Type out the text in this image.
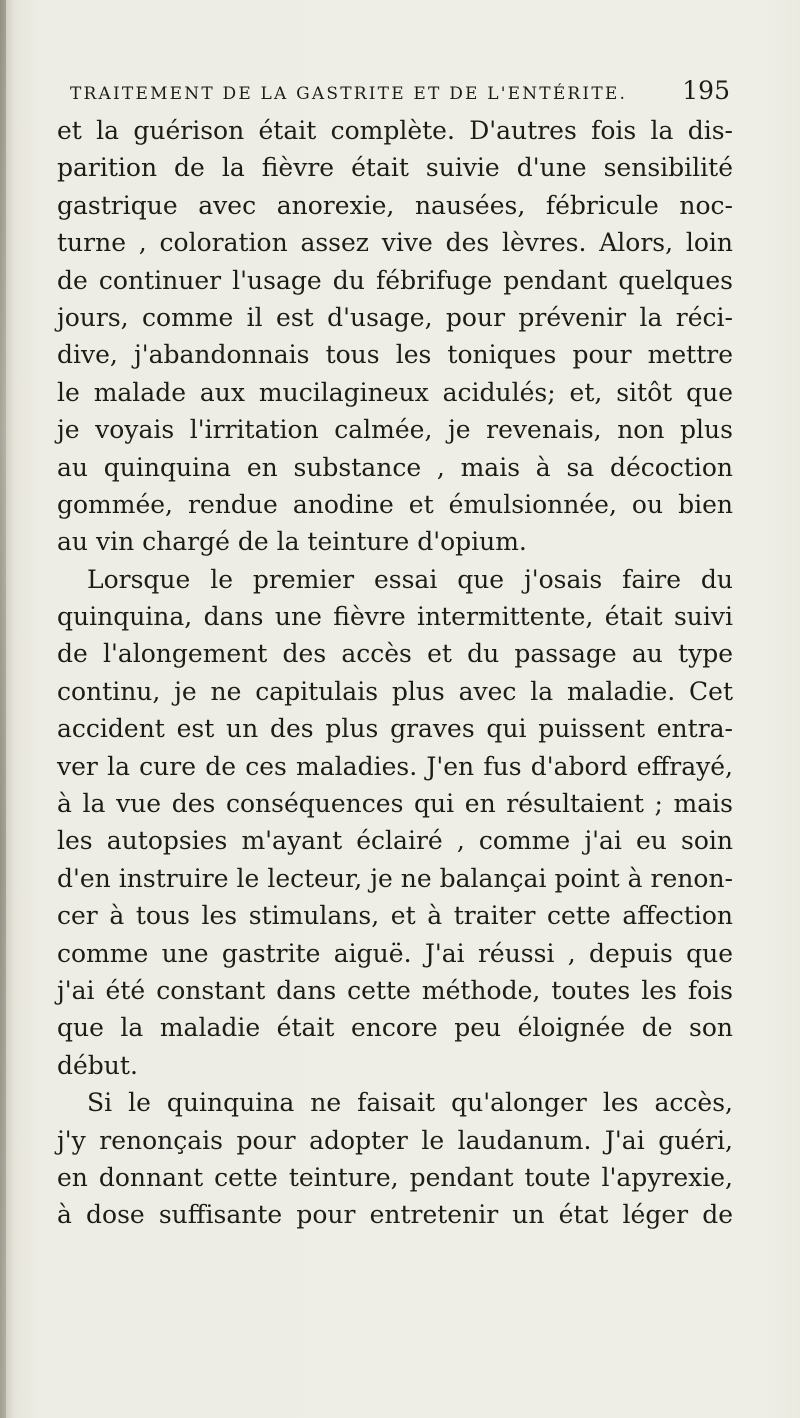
TRAITEMENT DE LA GASTRITE ET DE L'ENTÉRITE. 195
et la guérison était complète. D'autres fois la dis-
parition de la fièvre était suivie d'une sensibilité
gastrique avec anorexie, nausées, fébricule noc-
turne , coloration assez vive des lèvres. Alors, loin
de continuer l'usage du fébrifuge pendant quelques
jours, comme il est d'usage, pour prévenir la réci-
dive, j'abandonnais tous les toniques pour mettre
le malade aux mucilagineux acidulés; et, sitôt que
je voyais l'irritation calmée, je revenais, non plus
au quinquina en substance , mais à sa décoction
gommée, rendue anodine et émulsionnée, ou bien
au vin chargé de la teinture d'opium.
Lorsque le premier essai que j'osais faire du
quinquina, dans une fièvre intermittente, était suivi
de l'alongement des accès et du passage au type
continu, je ne capitulais plus avec la maladie. Cet
accident est un des plus graves qui puissent entra-
ver la cure de ces maladies. J'en fus d'abord effrayé,
à la vue des conséquences qui en résultaient ; mais
les autopsies m'ayant éclairé , comme j'ai eu soin
d'en instruire le lecteur, je ne balançai point à renon-
cer à tous les stimulans, et à traiter cette affection
comme une gastrite aiguë. J'ai réussi , depuis que
j'ai été constant dans cette méthode, toutes les fois
que la maladie était encore peu éloignée de son
début.
Si le quinquina ne faisait qu'alonger les accès,
j'y renonçais pour adopter le laudanum. J'ai guéri,
en donnant cette teinture, pendant toute l'apyrexie,
à dose suffisante pour entretenir un état léger de
